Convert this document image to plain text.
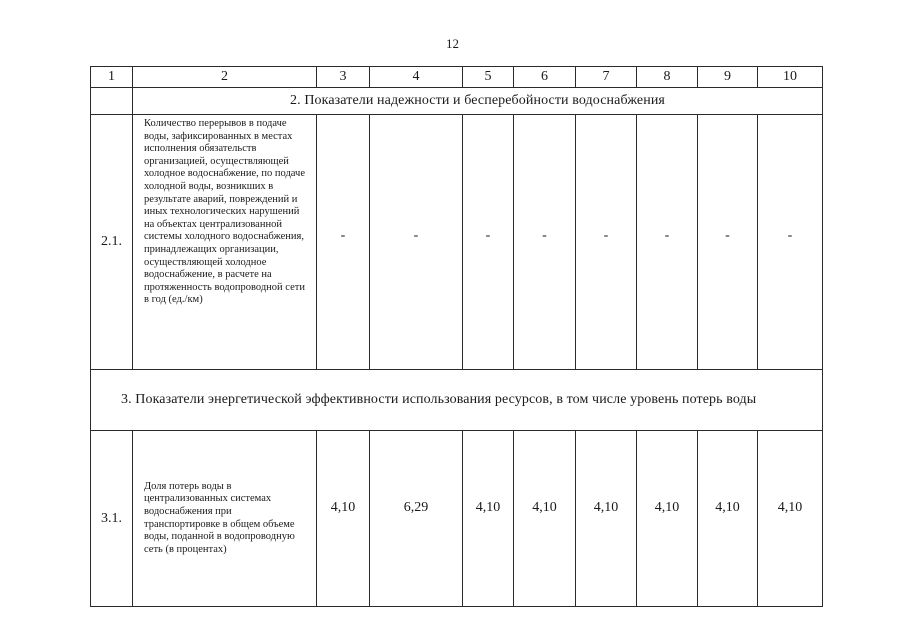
12
1	2	3	4	5	6	7	8	9	10
	2. Показатели надежности и бесперебойности водоснабжения								
2.1.	Количество перерывов в подаче воды, зафиксированных в местах исполнения обязательств организацией, осуществляющей холодное водоснабжение, по подаче холодной воды, возникших в результате аварий, повреждений и иных технологических нарушений на объектах централизованной системы холодного водоснабжения, принадлежащих организации, осуществляющей холодное водоснабжение, в расчете на протяженность водопроводной сети в год (ед./км)	-	-	-	-	-	-	-	-
3. Показатели энергетической эффективности использования ресурсов, в том числе уровень потерь воды									
3.1.	Доля потерь воды в централизованных системах водоснабжения при транспортировке в общем объеме воды, поданной в водопроводную сеть (в процентах)	4,10	6,29	4,10	4,10	4,10	4,10	4,10	4,10
